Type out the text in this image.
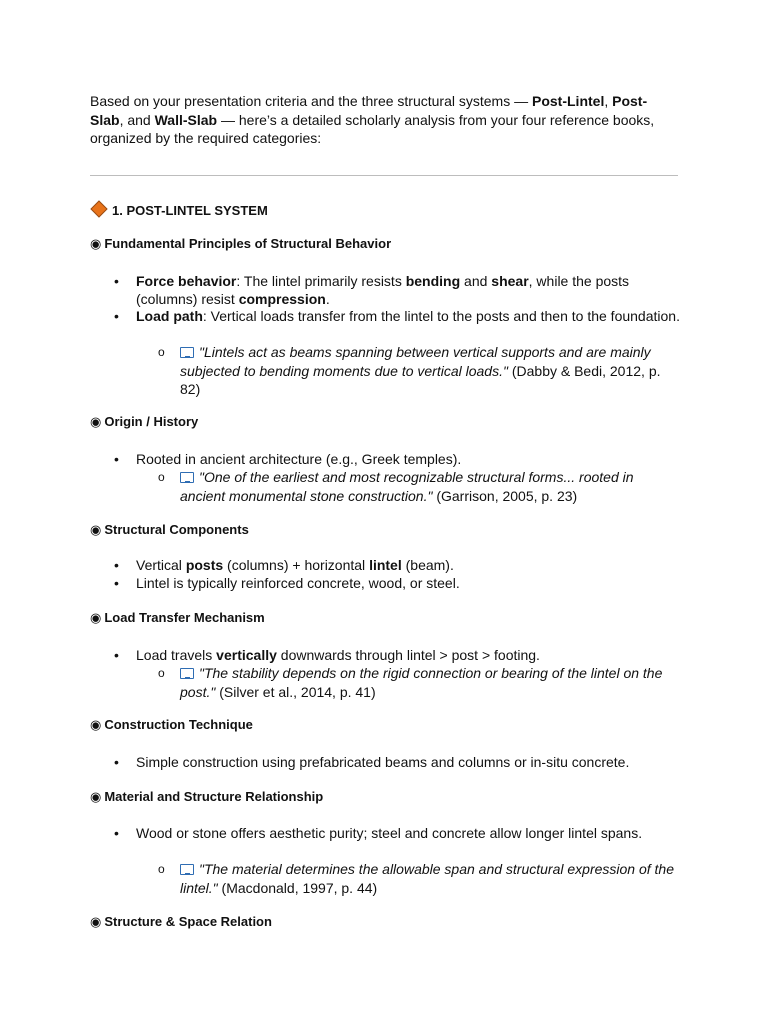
Based on your presentation criteria and the three structural systems — Post-Lintel, Post-Slab, and Wall-Slab — here’s a detailed scholarly analysis from your four reference books, organized by the required categories:
1. POST-LINTEL SYSTEM
◉ Fundamental Principles of Structural Behavior
• Force behavior: The lintel primarily resists bending and shear, while the posts (columns) resist compression.
• Load path: Vertical loads transfer from the lintel to the posts and then to the foundation.
o "Lintels act as beams spanning between vertical supports and are mainly subjected to bending moments due to vertical loads." (Dabby & Bedi, 2012, p. 82)
◉ Origin / History
• Rooted in ancient architecture (e.g., Greek temples).
o "One of the earliest and most recognizable structural forms... rooted in ancient monumental stone construction." (Garrison, 2005, p. 23)
◉ Structural Components
• Vertical posts (columns) + horizontal lintel (beam).
• Lintel is typically reinforced concrete, wood, or steel.
◉ Load Transfer Mechanism
• Load travels vertically downwards through lintel > post > footing.
o "The stability depends on the rigid connection or bearing of the lintel on the post." (Silver et al., 2014, p. 41)
◉ Construction Technique
• Simple construction using prefabricated beams and columns or in-situ concrete.
◉ Material and Structure Relationship
• Wood or stone offers aesthetic purity; steel and concrete allow longer lintel spans.
o "The material determines the allowable span and structural expression of the lintel." (Macdonald, 1997, p. 44)
◉ Structure & Space Relation
